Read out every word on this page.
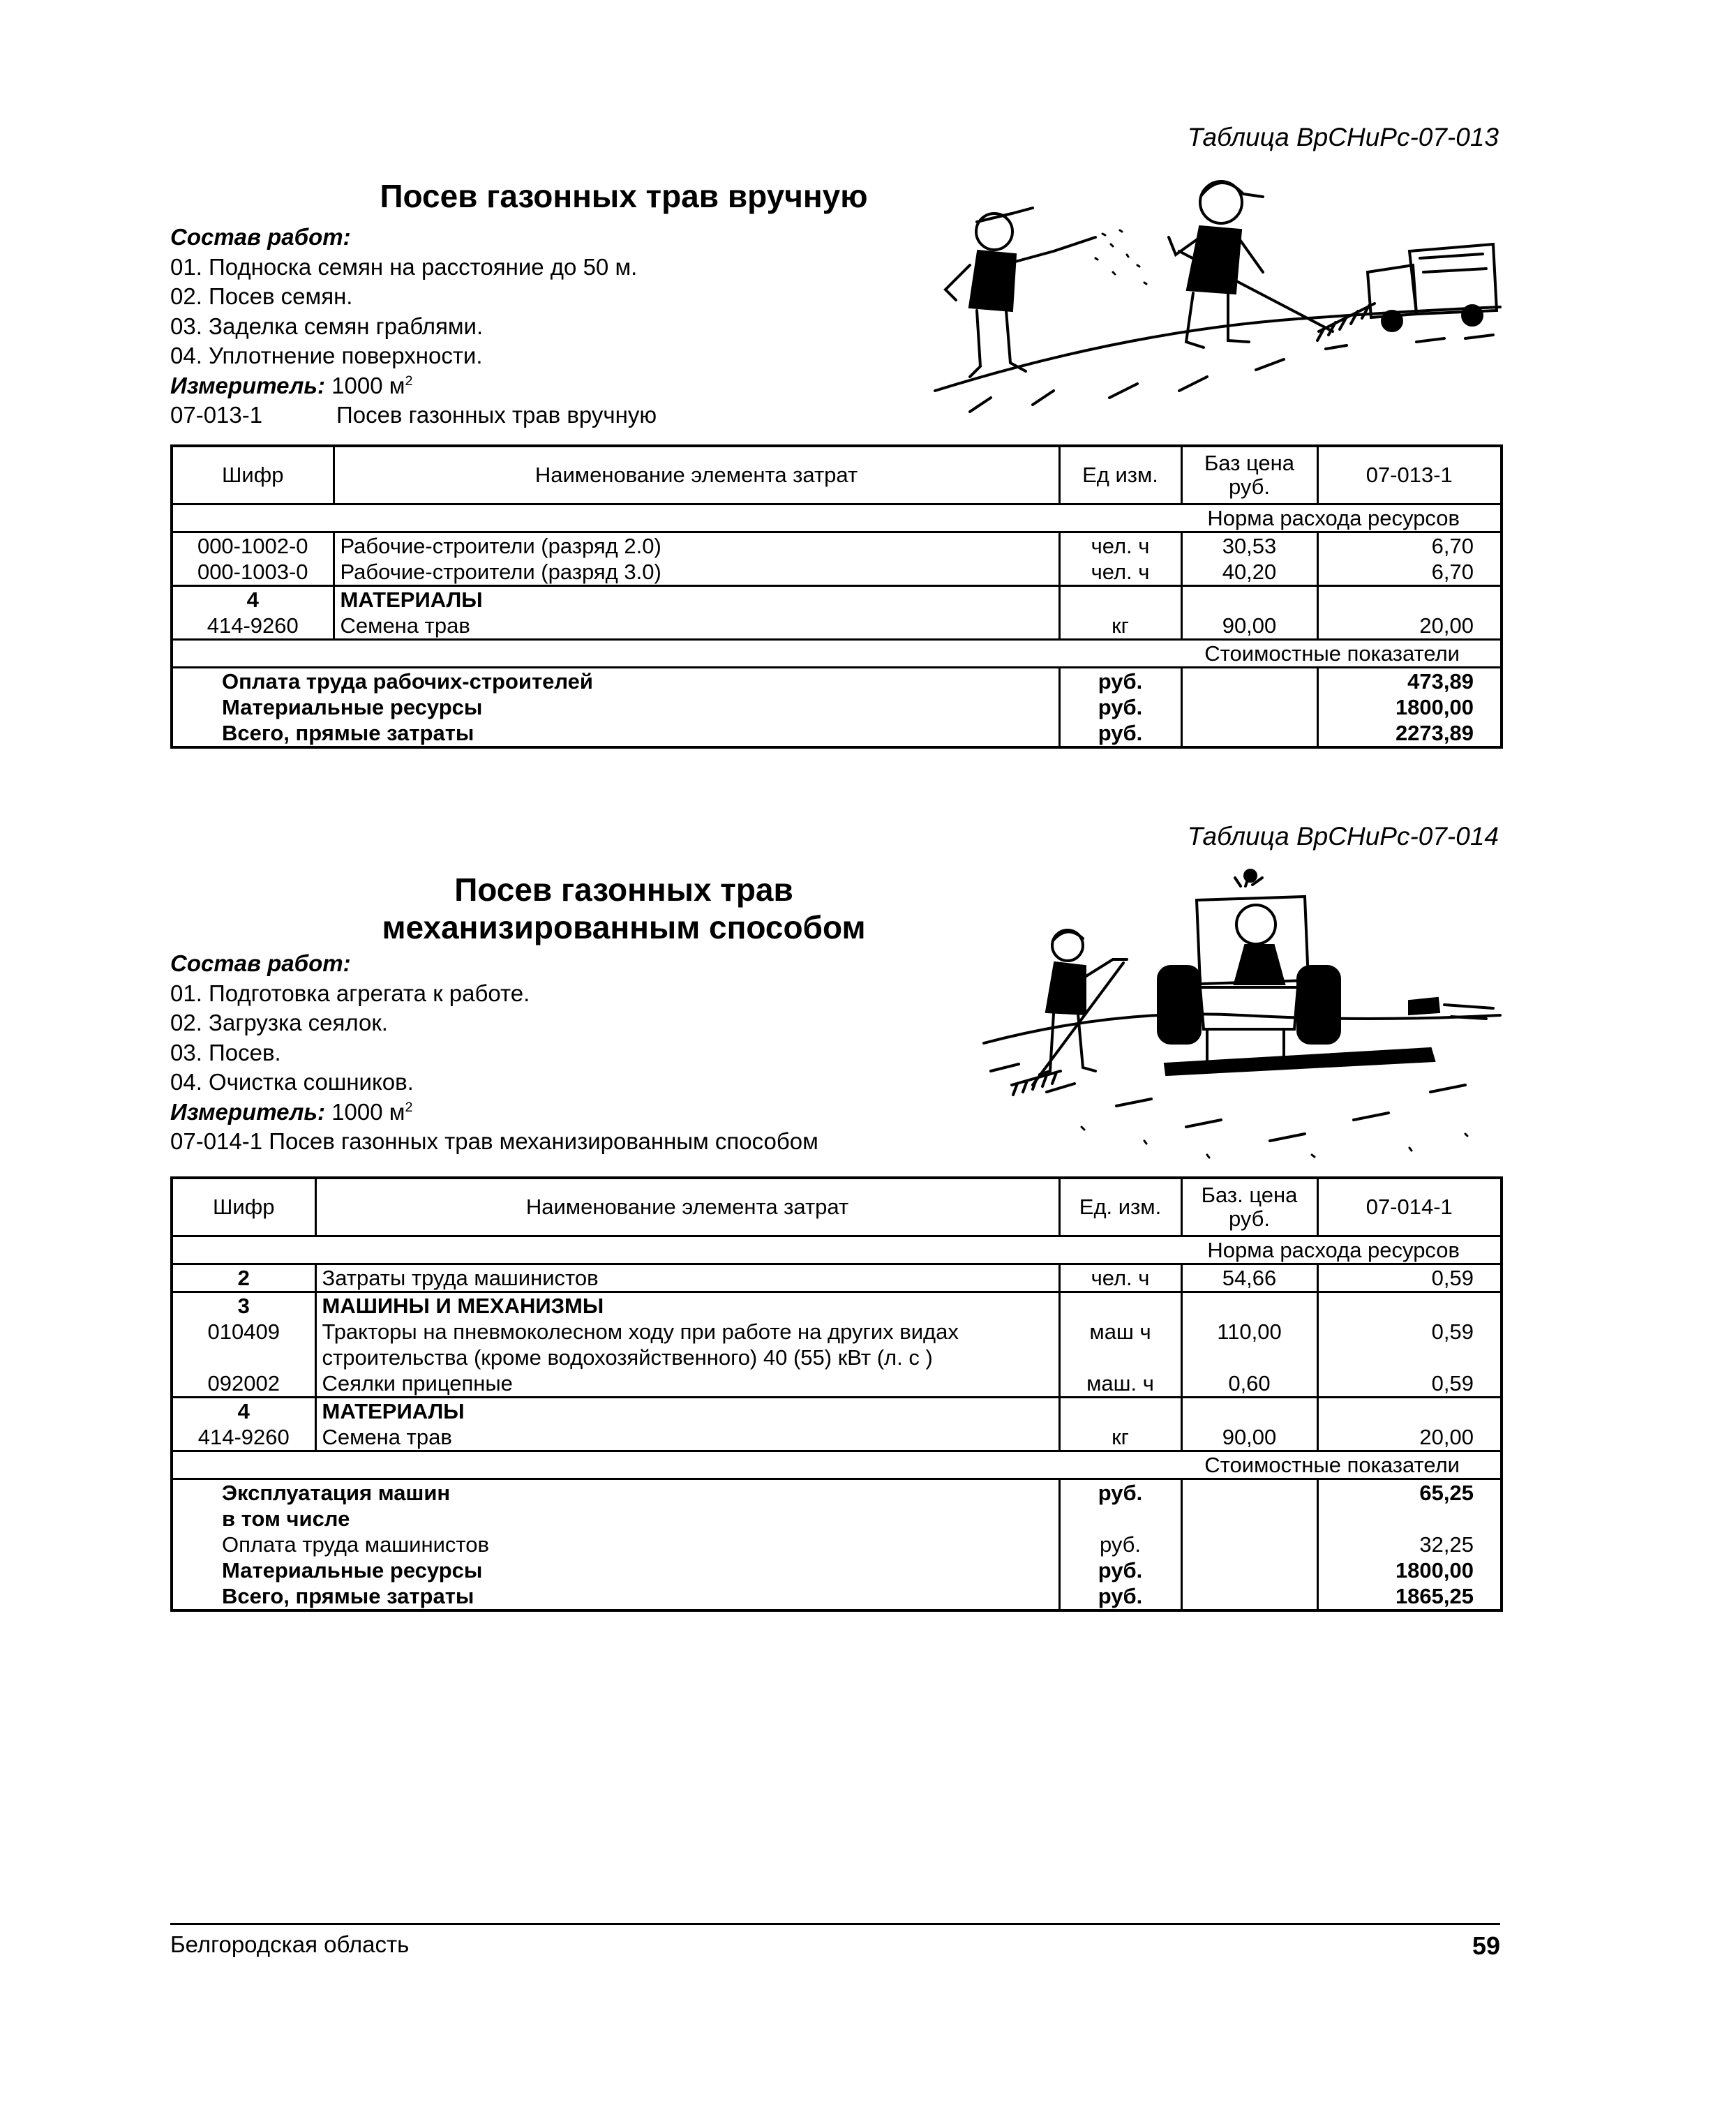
Таблица ВрСНиРс-07-013
Посев газонных трав вручную
Состав работ:
01. Подноска семян на расстояние до 50 м.
02. Посев семян.
03. Заделка семян граблями.
04. Уплотнение поверхности.
Измеритель: 1000 $м^2$
07-013-1	Посев газонных трав вручную
Шифр	Наименование элемента затрат	Ед изм.	Баз цена руб.	07-013-1
Норма расхода ресурсов				
000-1002-0	Рабочие-строители (разряд 2.0)	чел. ч	30,53	6,70
000-1003-0	Рабочие-строители (разряд 3.0)	чел. ч	40,20	6,70
4	МАТЕРИАЛЫ			
414-9260	Семена трав	кг	90,00	20,00
Стоимостные показатели				
Оплата труда рабочих-строителей		руб.		473,89
Материальные ресурсы		руб.		1800,00
Всего, прямые затраты		руб.		2273,89
Таблица ВрСНиРс-07-014
Посев газонных трав
механизированным способом
Состав работ:
01. Подготовка агрегата к работе.
02. Загрузка сеялок.
03. Посев.
04. Очистка сошников.
Измеритель: 1000 $м^2$
07-014-1 Посев газонных трав механизированным способом
Шифр	Наименование элемента затрат	Ед. изм.	Баз. цена руб.	07-014-1
Норма расхода ресурсов				
2	Затраты труда машинистов	чел. ч	54,66	0,59
3	МАШИНЫ И МЕХАНИЗМЫ			
010409	Тракторы на пневмоколесном ходу при работе на других видах строительства (кроме водохозяйственного) 40 (55) кВт (л. с )	маш ч	110,00	0,59
092002	Сеялки прицепные	маш. ч	0,60	0,59
4	МАТЕРИАЛЫ			
414-9260	Семена трав	кг	90,00	20,00
Стоимостные показатели				
Эксплуатация машин		руб.		65,25
в том числе				
Оплата труда машинистов		руб.		32,25
Материальные ресурсы		руб.		1800,00
Всего, прямые затраты		руб.		1865,25
Белгородская область	59
